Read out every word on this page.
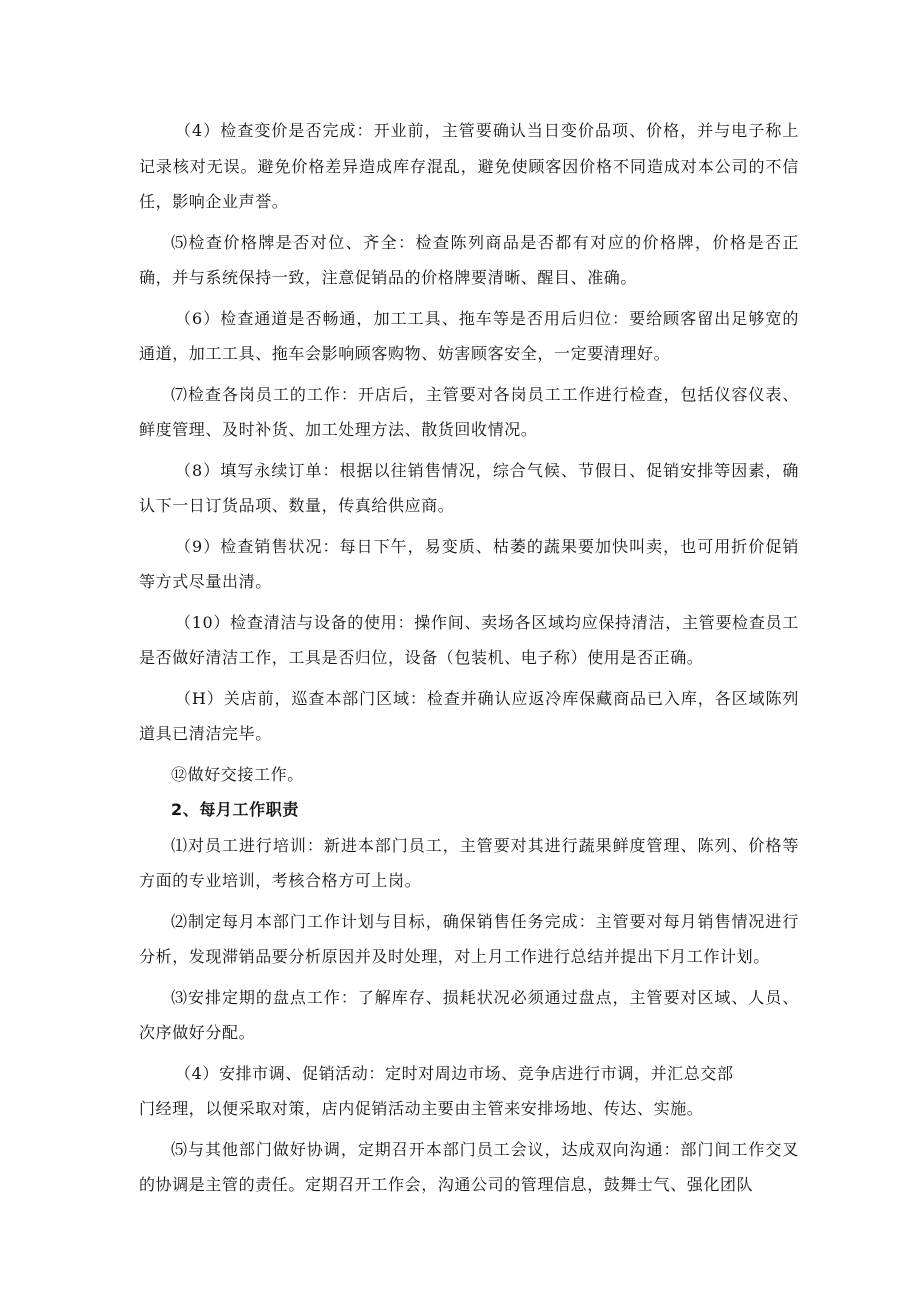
（4）检查变价是否完成：开业前，主管要确认当日变价品项、价格，并与电子称上记录核对无误。避免价格差异造成库存混乱，避免使顾客因价格不同造成对本公司的不信任，影响企业声誉。

⑸检查价格牌是否对位、齐全：检查陈列商品是否都有对应的价格牌，价格是否正确，并与系统保持一致，注意促销品的价格牌要清晰、醒目、准确。

（6）检查通道是否畅通，加工工具、拖车等是否用后归位：要给顾客留出足够宽的通道，加工工具、拖车会影响顾客购物、妨害顾客安全，一定要清理好。

⑺检查各岗员工的工作：开店后，主管要对各岗员工工作进行检查，包括仪容仪表、鲜度管理、及时补货、加工处理方法、散货回收情况。

（8）填写永续订单：根据以往销售情况，综合气候、节假日、促销安排等因素，确认下一日订货品项、数量，传真给供应商。

（9）检查销售状况：每日下午，易变质、枯萎的蔬果要加快叫卖，也可用折价促销等方式尽量出清。

（10）检查清洁与设备的使用：操作间、卖场各区域均应保持清洁，主管要检查员工是否做好清洁工作，工具是否归位，设备（包装机、电子称）使用是否正确。

（H）关店前，巡查本部门区域：检查并确认应返冷库保藏商品已入库，各区域陈列道具已清洁完毕。

⑫做好交接工作。

2、每月工作职责

⑴对员工进行培训：新进本部门员工，主管要对其进行蔬果鲜度管理、陈列、价格等方面的专业培训，考核合格方可上岗。

⑵制定每月本部门工作计划与目标，确保销售任务完成：主管要对每月销售情况进行分析，发现滞销品要分析原因并及时处理，对上月工作进行总结并提出下月工作计划。

⑶安排定期的盘点工作：了解库存、损耗状况必须通过盘点，主管要对区域、人员、次序做好分配。

（4）安排市调、促销活动：定时对周边市场、竞争店进行市调，并汇总交部

门经理，以便采取对策，店内促销活动主要由主管来安排场地、传达、实施。

⑸与其他部门做好协调，定期召开本部门员工会议，达成双向沟通：部门间工作交叉的协调是主管的责任。定期召开工作会，沟通公司的管理信息，鼓舞士气、强化团队
